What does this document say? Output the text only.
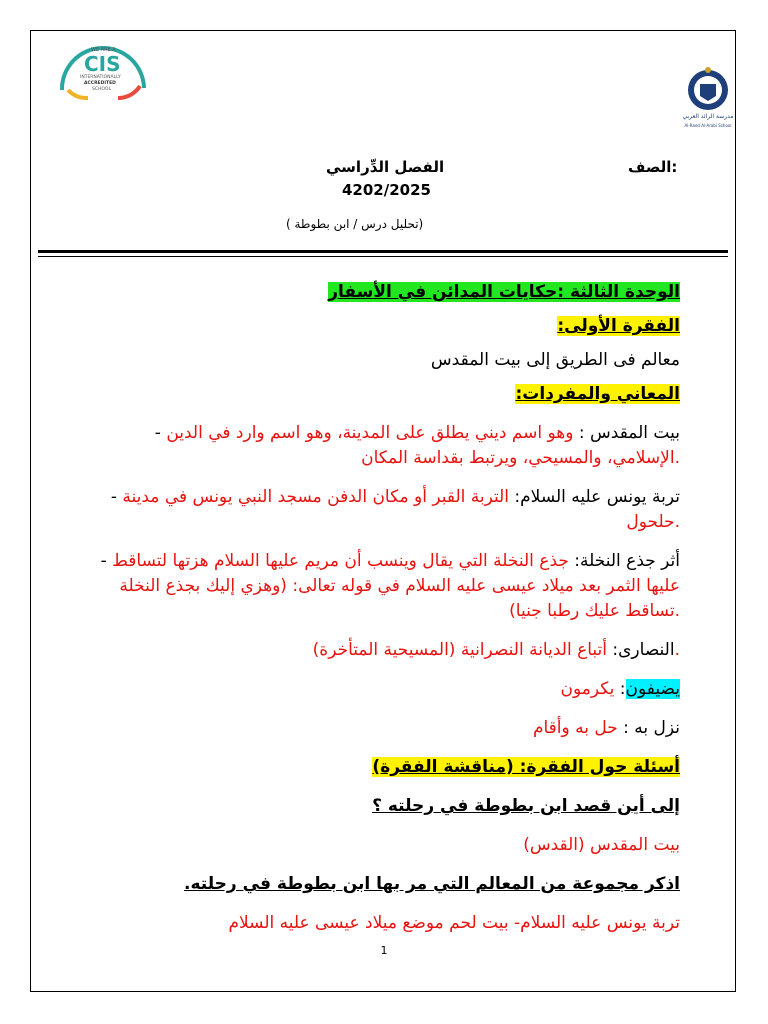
WE ARE A
CIS
INTERNATIONALLY
ACCREDITED
SCHOOL
مدرسة الرائد العربي
Al-Raed Al-Arabi School
الصف:
الفصل الدِّراسي
4202/2025
( تحليل درس / ابن بطوطة)

الوحدة الثالثة :حكايات المدائن في الأسفار

:الفقرة الأولى

معالم فى الطريق إلى بيت المقدس

:المعاني والمفردات

- بيت المقدس : وهو اسم ديني يطلق على المدينة، وهو اسم وارد في الدين الإسلامي، والمسيحي، ويرتبط بقداسة المكان.

- تربة يونس عليه السلام: التربة القبر أو مكان الدفن مسجد النبي يونس في مدينة حلحول.

- أثر جذع النخلة: جذع النخلة التي يقال وينسب أن مريم عليها السلام هزتها لتساقط عليها الثمر بعد ميلاد عيسى عليه السلام في قوله تعالى: (وهزي إليك بجذع النخلة تساقط عليك رطبا جنيا).

النصارى: أتباع الديانة النصرانية (المسيحية المتأخرة).

يضيفون: يكرمون

نزل به : حل به وأقام

أسئلة حول الفقرة: (مناقشة الفقرة)

إلى أين قصد ابن بطوطة في رحلته ؟

بيت المقدس (القدس)

.اذكر مجموعة من المعالم التي مر بها ابن بطوطة في رحلته

تربة يونس عليه السلام- بيت لحم موضع ميلاد عيسى عليه السلام

1
